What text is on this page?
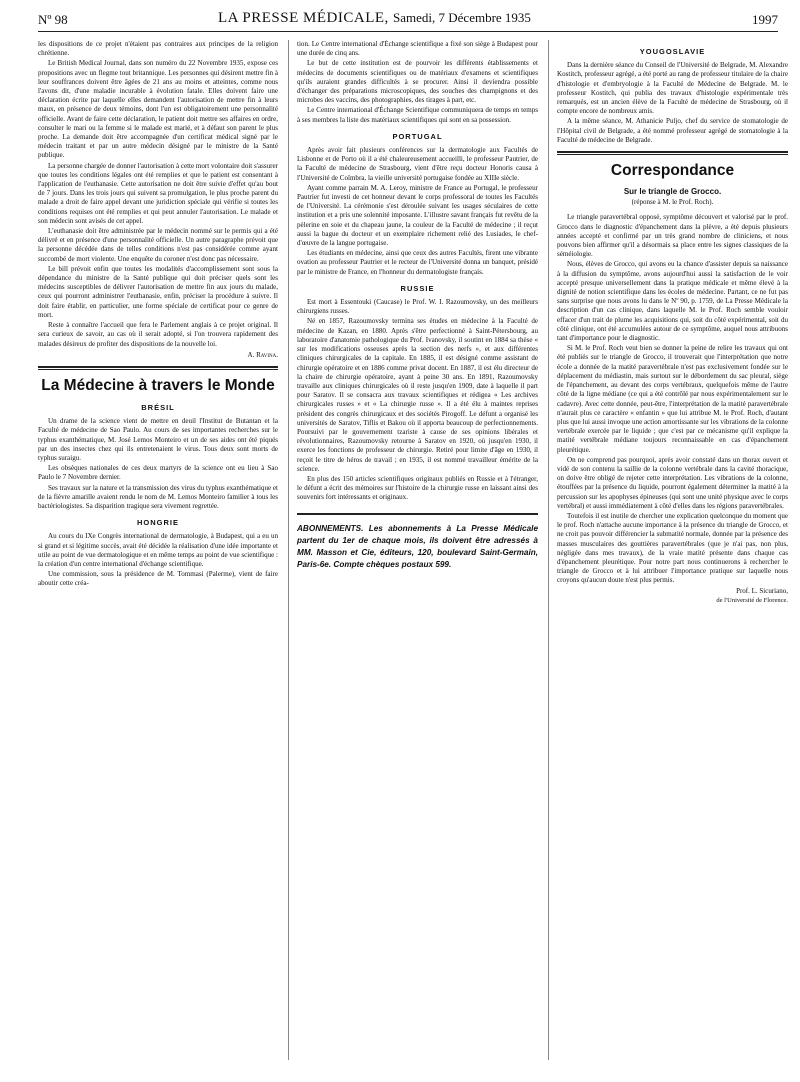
Nº 98	LA PRESSE MÉDICALE, Samedi, 7 Décembre 1935	1997

les dispositions de ce projet n'étaient pas contraires aux principes de la religion chrétienne.

Le British Medical Journal, dans son numéro du 22 Novembre 1935, expose ces propositions avec un flegme tout britannique. Les personnes qui désirent mettre fin à leur souffrances doivent être âgées de 21 ans au moins et atteintes, comme nous l'avons dit, d'une maladie incurable à évolution fatale. Elles doivent faire une déclaration écrite par laquelle elles demandent l'autorisation de mettre fin à leurs maux, en présence de deux témoins, dont l'un est obligatoirement une personnalité officielle. Avant de faire cette déclaration, le patient doit mettre ses affaires en ordre, consulter le mari ou la femme si le malade est marié, et à défaut son parent le plus proche. La demande doit être accompagnée d'un certificat médical signé par le médecin traitant et par un autre médecin désigné par le ministre de la Santé publique.

La personne chargée de donner l'autorisation à cette mort volontaire doit s'assurer que toutes les conditions légales ont été remplies et que le patient est consentant à l'application de l'euthanasie. Cette autorisation ne doit être suivie d'effet qu'au bout de 7 jours. Dans les trois jours qui suivent sa promulgation, le plus proche parent du malade a droit de faire appel devant une juridiction spéciale qui vérifie si toutes les conditions requises ont été remplies et qui peut annuler l'autorisation. Le malade et son médecin sont avisés de cet appel.

L'euthanasie doit être administrée par le médecin nommé sur le permis qui a été délivré et en présence d'une personnalité officielle. Un autre paragraphe prévoit que la personne décédée dans de telles conditions n'est pas considérée comme ayant succombé de mort violente. Une enquête du coroner n'est donc pas nécessaire.

Le bill prévoit enfin que toutes les modalités d'accomplissement sont sous la dépendance du ministre de la Santé publique qui doit préciser quels sont les médecins susceptibles de délivrer l'autorisation de mettre fin aux jours du malade, ceux qui pourront administrer l'euthanasie, enfin, préciser la procédure à suivre. Il doit faire établir, en particulier, une forme spéciale de certificat pour ce genre de mort.

Reste à connaître l'accueil que fera le Parlement anglais à ce projet original. Il sera curieux de savoir, au cas où il serait adopté, si l'on trouvera rapidement des malades désireux de profiter des dispositions de la nouvelle loi.

A. Ravina.
La Médecine à travers le Monde
BRÉSIL

Un drame de la science vient de mettre en deuil l'Institut de Butantan et la Faculté de médecine de Sao Paulo. Au cours de ses importantes recherches sur le typhus exanthématique, M. José Lemos Monteiro et un de ses aides ont été piqués par un des insectes chez qui ils entretenaient le virus. Tous deux sont morts de typhus suraigu.

Les obsèques nationales de ces deux martyrs de la science ont eu lieu à Sao Paulo le 7 Novembre dernier.

Ses travaux sur la nature et la transmission des virus du typhus exanthématique et de la fièvre amarille avaient rendu le nom de M. Lemos Monteiro familier à tous les bactériologistes. Sa disparition tragique sera vivement regrettée.

HONGRIE

Au cours du IXe Congrès international de dermatologie, à Budapest, qui a eu un si grand et si légitime succès, avait été décidée la réalisation d'une idée importante et utile au point de vue dermatologique et en même temps au point de vue scientifique : la création d'un centre international d'échange scientifique.

Une commission, sous la présidence de M. Tommasi (Palerme), vient de faire aboutir cette créa-

tion. Le Centre international d'Échange scientifique a fixé son siège à Budapest pour une durée de cinq ans.

Le but de cette institution est de pourvoir les différents établissements et médecins de documents scientifiques ou de matériaux d'examens et scientifiques qu'ils auraient grandes difficultés à se procurer. Ainsi il deviendra possible d'échanger des préparations microscopiques, des souches des champignons et des microbes des vaccins, des photographies, des tirages à part, etc.

Le Centre international d'Échange Scientifique communiquera de temps en temps à ses membres la liste des matériaux scientifiques qui sont en sa possession.

PORTUGAL

Après avoir fait plusieurs conférences sur la dermatologie aux Facultés de Lisbonne et de Porto où il a été chaleureusement accueilli, le professeur Pautrier, de la Faculté de médecine de Strasbourg, vient d'être reçu docteur Honoris causa à l'Université de Coïmbra, la vieille université portugaise fondée au XIIIe siècle.

Ayant comme parrain M. A. Leroy, ministre de France au Portugal, le professeur Pautrier fut investi de cet honneur devant le corps professoral de toutes les Facultés de l'Université. La cérémonie s'est déroulée suivant les usages séculaires de cette institution et a pris une solennité imposante. L'illustre savant français fut revêtu de la pèlerine en soie et du chapeau jaune, la couleur de la Faculté de médecine ; il reçut aussi la bague du docteur et un exemplaire richement relié des Lusiades, le chef-d'œuvre de la langue portugaise.

Les étudiants en médecine, ainsi que ceux des autres Facultés, firent une vibrante ovation au professeur Pautrier et le recteur de l'Université donna un banquet, présidé par le ministre de France, en l'honneur du dermatologiste français.

RUSSIE

Est mort à Essentouki (Caucase) le Prof. W. I. Razoumovsky, un des meilleurs chirurgiens russes.

Né en 1857, Razoumovsky termina ses études en médecine à la Faculté de médecine de Kazan, en 1880. Après s'être perfectionné à Saint-Pétersbourg, au laboratoire d'anatomie pathologique du Prof. Ivanovsky, il soutint en 1884 sa thèse « sur les modifications osseuses après la section des nerfs », et aux différentes cliniques chirurgicales de la capitale. En 1885, il est désigné comme assistant de chirurgie opératoire et en 1886 comme privat docent. En 1887, il est élu directeur de la chaire de chirurgie opératoire, ayant à peine 30 ans. En 1891, Razoumovsky travaille aux cliniques chirurgicales où il reste jusqu'en 1909, date à laquelle il part pour Saratov. Il se consacra aux travaux scientifiques et rédigea « Les archives chirurgicales russes » et « La chirurgie russe ». Il a été élu à maintes reprises président des congrès chirurgicaux et des sociétés Pirogoff. Le défunt a organisé les universités de Saratov, Tiflis et Bakou où il apporta beaucoup de perfectionnements. Poursuivi par le gouvernement tzariste à cause de ses opinions libérales et révolutionnaires, Razoumovsky retourne à Saratov en 1920, où jusqu'en 1930, il exerce les fonctions de professeur de chirurgie. Retiré pour limite d'âge en 1930, il reçoit le titre de héros de travail ; en 1935, il est nommé travailleur émérite de la science.

En plus des 150 articles scientifiques originaux publiés en Russie et à l'étranger, le défunt a écrit des mémoires sur l'histoire de la chirurgie russe en laissant ainsi des souvenirs fort intéressants et originaux.

ABONNEMENTS. Les abonnements à La Presse Médicale partent du 1er de chaque mois, ils doivent être adressés à MM. Masson et Cie, éditeurs, 120, boulevard Saint-Germain, Paris-6e. Compte chèques postaux 599.
YOUGOSLAVIE

Dans la dernière séance du Conseil de l'Université de Belgrade, M. Alexandre Kostitch, professeur agrégé, a été porté au rang de professeur titulaire de la chaire d'histologie et d'embryologie à la Faculté de Médecine de Belgrade. M. le professeur Kostitch, qui publia des travaux d'histologie expérimentale très remarqués, est un ancien élève de la Faculté de médecine de Strasbourg, où il compte encore de nombreux amis.

A la même séance, M. Athanicie Puljo, chef du service de stomatologie de l'Hôpital civil de Belgrade, a été nommé professeur agrégé de stomatologie à la Faculté de médecine de Belgrade.

Correspondance
Sur le triangle de Grocco.
(réponse à M. le Prof. Roch).

Le triangle paravertébral opposé, symptôme découvert et valorisé par le prof. Grocco dans le diagnostic d'épanchement dans la plèvre, a été depuis plusieurs années accepté et confirmé par un très grand nombre de cliniciens, et nous pouvons bien affirmer qu'il a désormais sa place entre les signes classiques de la séméiologie.

Nous, élèves de Grocco, qui avons eu la chance d'assister depuis sa naissance à la diffusion du symptôme, avons aujourd'hui aussi la satisfaction de le voir accepté presque universellement dans la pratique médicale et même élevé à la dignité de notion scientifique dans les écoles de médecine. Partant, ce ne fut pas sans surprise que nous avons lu dans le Nº 90, p. 1759, de La Presse Médicale la description d'un cas clinique, dans laquelle M. le Prof. Roch semble vouloir effacer d'un trait de plume les acquisitions qui, soit du côté expérimental, soit du côté clinique, ont été accumulées autour de ce symptôme, auquel nous attribuons tant d'importance pour le diagnostic.

Si M. le Prof. Roch veut bien se donner la peine de relire les travaux qui ont été publiés sur le triangle de Grocco, il trouverait que l'interprétation que notre école a donnée de la matité paravertébrale n'est pas exclusivement fondée sur le déplacement du médiastin, mais surtout sur le débordement du sac pleural, siège de l'épanchement, au devant des corps vertébraux, quelquefois même de l'autre côté de la ligne médiane (ce qui a été contrôlé par nous expérimentalement sur le cadavre). Avec cette donnée, peut-être, l'interprétation de la matité paravertébrale n'aurait plus ce caractère « enfantin » que lui attribue M. le Prof. Roch, d'autant plus que lui aussi invoque une action amortissante sur les vibrations de la colonne vertébrale exercée par le liquide ; que c'est par ce mécanisme qu'il explique la matité vertébrale médiane toujours reconnaissable en cas d'épanchement pleurétique.

On ne comprend pas pourquoi, après avoir constaté dans un thorax ouvert et vidé de son contenu la saillie de la colonne vertébrale dans la cavité thoracique, on doive être obligé de rejeter cette interprétation. Les vibrations de la colonne, étouffées par la présence du liquide, pourront également déterminer la matité à la percussion sur les apophyses épineuses (qui sont une unité physique avec le corps vertébral) et aussi immédiatement à côté d'elles dans les régions paravertébrales.

Toutefois il est inutile de chercher une explication quelconque du moment que le prof. Roch n'attache aucune importance à la présence du triangle de Grocco, et ne croit pas pouvoir différencier la submatité normale, donnée par la présence des masses musculaires des gouttières paravertébrales (que je n'ai pas, non plus, négligée dans mes travaux), de la vraie matité présente dans chaque cas d'épanchement pleurétique. Pour notre part nous continuerons à rechercher le triangle de Grocco et à lui attribuer l'importance pratique sur laquelle nous croyons qu'aucun doute n'est plus permis.

Prof. L. Sicuriano,
de l'Université de Florence.
